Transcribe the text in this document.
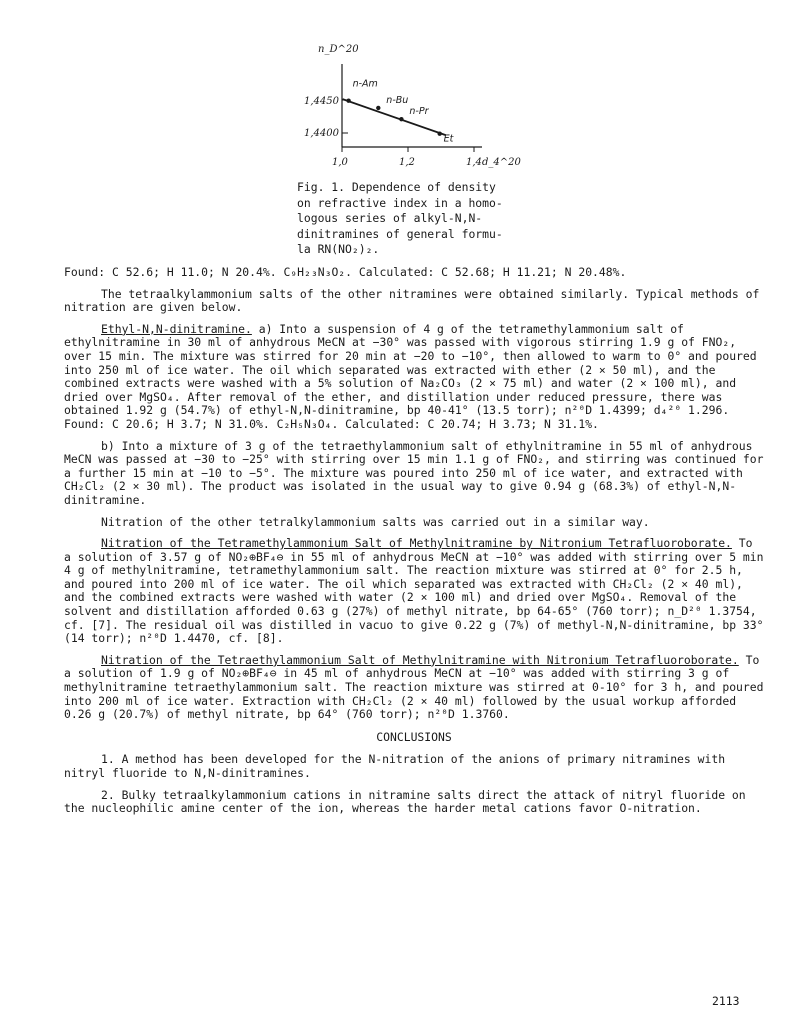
n_D^20
1,4450
1,4400
1,0	1,2	1,4 d_4^20
n-Am
n-Bu
n-Pr
Et
Fig. 1. Dependence of density
on refractive index in a homo-
logous series of alkyl-N,N-
dinitramines of general formu-
la RN(NO₂)₂.

Found: C 52.6; H 11.0; N 20.4%. C₉H₂₃N₃O₂. Calculated: C 52.68; H 11.21; N 20.48%.

The tetraalkylammonium salts of the other nitramines were obtained similarly. Typical methods of nitration are given below.

Ethyl-N,N-dinitramine. a) Into a suspension of 4 g of the tetramethylammonium salt of ethylnitramine in 30 ml of anhydrous MeCN at −30° was passed with vigorous stirring 1.9 g of FNO₂, over 15 min. The mixture was stirred for 20 min at −20 to −10°, then allowed to warm to 0° and poured into 250 ml of ice water. The oil which separated was extracted with ether (2 × 50 ml), and the combined extracts were washed with a 5% solution of Na₂CO₃ (2 × 75 ml) and water (2 × 100 ml), and dried over MgSO₄. After removal of the ether, and distillation under reduced pressure, there was obtained 1.92 g (54.7%) of ethyl-N,N-dinitramine, bp 40-41° (13.5 torr); n²⁰D 1.4399; d₄²⁰ 1.296. Found: C 20.6; H 3.7; N 31.0%. C₂H₅N₃O₄. Calculated: C 20.74; H 3.73; N 31.1%.

b) Into a mixture of 3 g of the tetraethylammonium salt of ethylnitramine in 55 ml of anhydrous MeCN was passed at −30 to −25° with stirring over 15 min 1.1 g of FNO₂, and stirring was continued for a further 15 min at −10 to −5°. The mixture was poured into 250 ml of ice water, and extracted with CH₂Cl₂ (2 × 30 ml). The product was isolated in the usual way to give 0.94 g (68.3%) of ethyl-N,N-dinitramine.

Nitration of the other tetralkylammonium salts was carried out in a similar way.

Nitration of the Tetramethylammonium Salt of Methylnitramine by Nitronium Tetrafluoroborate. To a solution of 3.57 g of NO₂⊕BF₄⊖ in 55 ml of anhydrous MeCN at −10° was added with stirring over 5 min 4 g of methylnitramine, tetramethylammonium salt. The reaction mixture was stirred at 0° for 2.5 h, and poured into 200 ml of ice water. The oil which separated was extracted with CH₂Cl₂ (2 × 40 ml), and the combined extracts were washed with water (2 × 100 ml) and dried over MgSO₄. Removal of the solvent and distillation afforded 0.63 g (27%) of methyl nitrate, bp 64-65° (760 torr); n_D²⁰ 1.3754, cf. [7]. The residual oil was distilled in vacuo to give 0.22 g (7%) of methyl-N,N-dinitramine, bp 33° (14 torr); n²⁰D 1.4470, cf. [8].

Nitration of the Tetraethylammonium Salt of Methylnitramine with Nitronium Tetrafluoroborate. To a solution of 1.9 g of NO₂⊕BF₄⊖ in 45 ml of anhydrous MeCN at −10° was added with stirring 3 g of methylnitramine tetraethylammonium salt. The reaction mixture was stirred at 0-10° for 3 h, and poured into 200 ml of ice water. Extraction with CH₂Cl₂ (2 × 40 ml) followed by the usual workup afforded 0.26 g (20.7%) of methyl nitrate, bp 64° (760 torr); n²⁰D 1.3760.

CONCLUSIONS

1. A method has been developed for the N-nitration of the anions of primary nitramines with nitryl fluoride to N,N-dinitramines.

2. Bulky tetraalkylammonium cations in nitramine salts direct the attack of nitryl fluoride on the nucleophilic amine center of the ion, whereas the harder metal cations favor O-nitration.

2113
